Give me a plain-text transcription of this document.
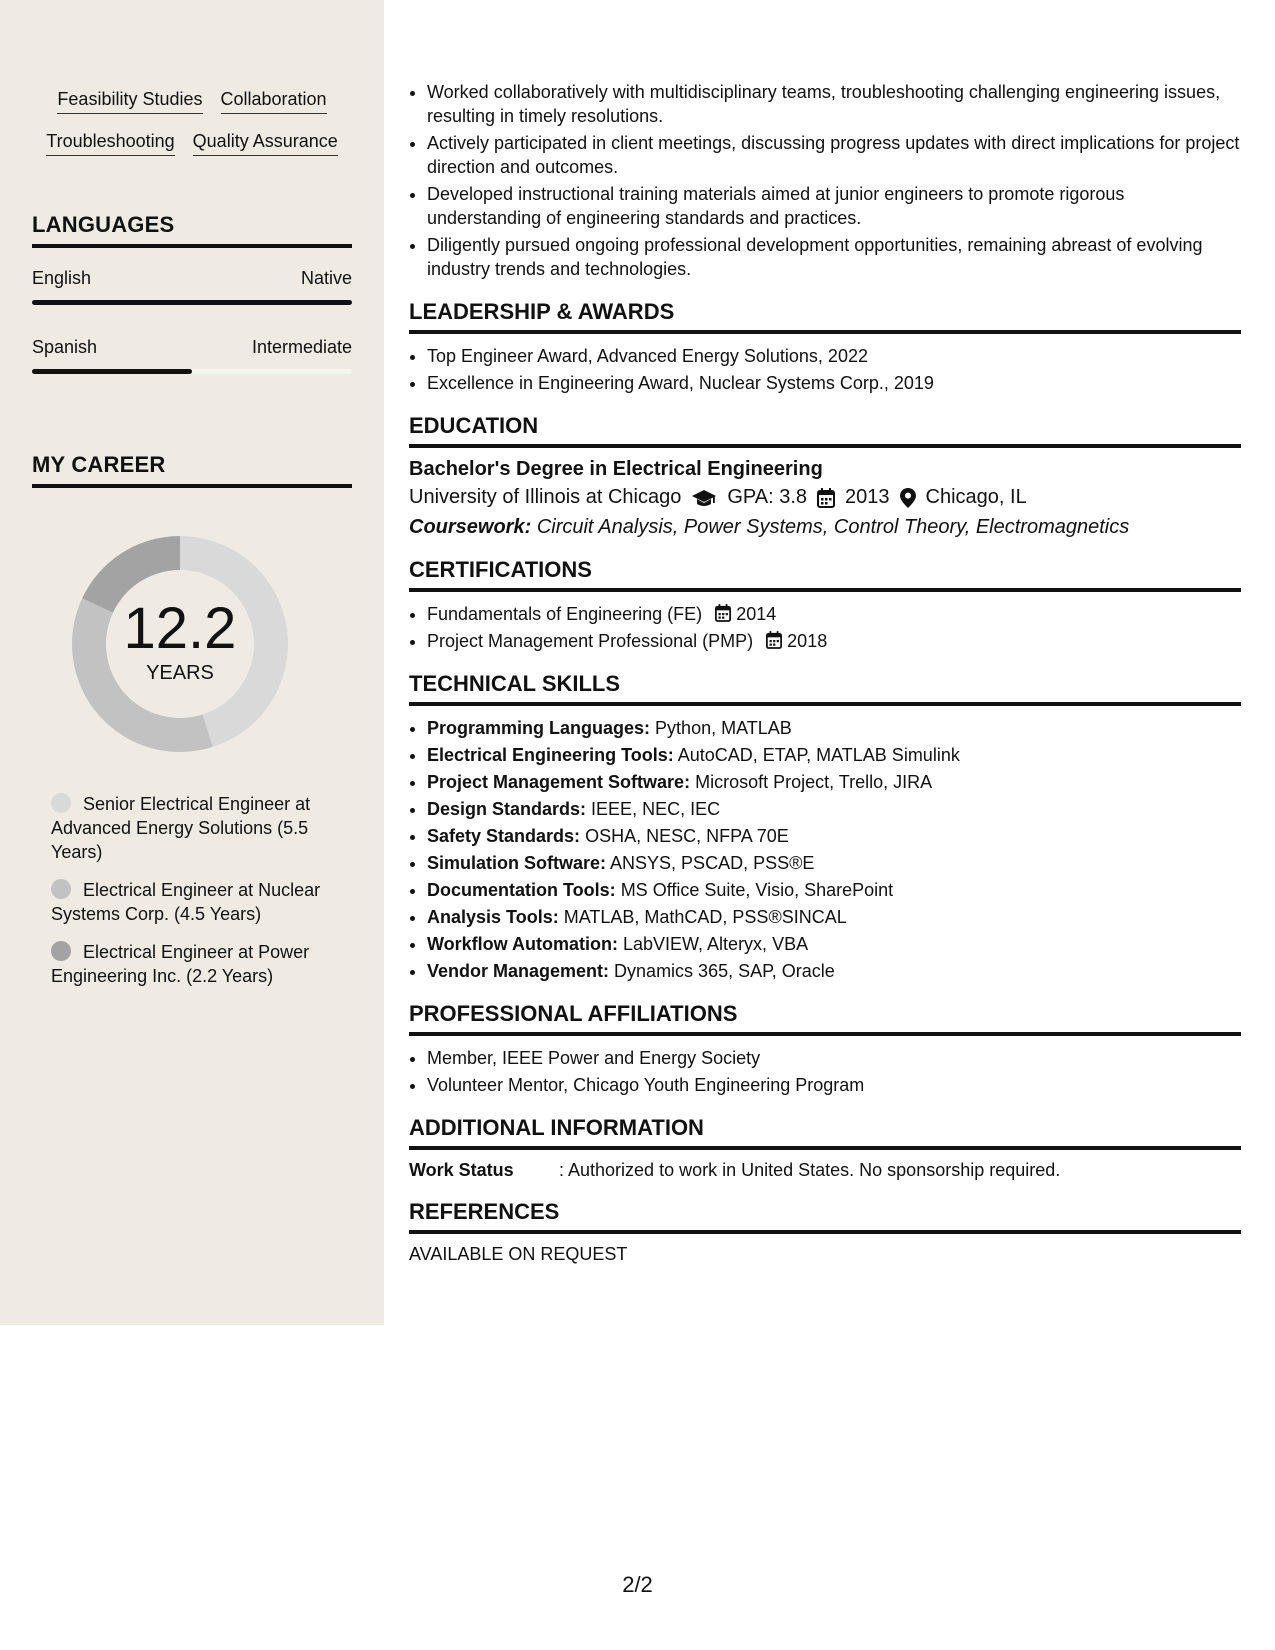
Feasibility Studies Collaboration
Troubleshooting Quality Assurance
LANGUAGES
English	Native
Spanish	Intermediate
MY CAREER
12.2
YEARS
Senior Electrical Engineer at Advanced Energy Solutions (5.5 Years)
Electrical Engineer at Nuclear Systems Corp. (4.5 Years)
Electrical Engineer at Power Engineering Inc. (2.2 Years)
• Worked collaboratively with multidisciplinary teams, troubleshooting challenging engineering issues, resulting in timely resolutions.
• Actively participated in client meetings, discussing progress updates with direct implications for project direction and outcomes.
• Developed instructional training materials aimed at junior engineers to promote rigorous understanding of engineering standards and practices.
• Diligently pursued ongoing professional development opportunities, remaining abreast of evolving industry trends and technologies.
LEADERSHIP & AWARDS
• Top Engineer Award, Advanced Energy Solutions, 2022
• Excellence in Engineering Award, Nuclear Systems Corp., 2019
EDUCATION
Bachelor's Degree in Electrical Engineering
University of Illinois at Chicago GPA: 3.8 2013 Chicago, IL
Coursework: Circuit Analysis, Power Systems, Control Theory, Electromagnetics
CERTIFICATIONS
• Fundamentals of Engineering (FE) 2014
• Project Management Professional (PMP) 2018
TECHNICAL SKILLS
• Programming Languages: Python, MATLAB
• Electrical Engineering Tools: AutoCAD, ETAP, MATLAB Simulink
• Project Management Software: Microsoft Project, Trello, JIRA
• Design Standards: IEEE, NEC, IEC
• Safety Standards: OSHA, NESC, NFPA 70E
• Simulation Software: ANSYS, PSCAD, PSS®E
• Documentation Tools: MS Office Suite, Visio, SharePoint
• Analysis Tools: MATLAB, MathCAD, PSS®SINCAL
• Workflow Automation: LabVIEW, Alteryx, VBA
• Vendor Management: Dynamics 365, SAP, Oracle
PROFESSIONAL AFFILIATIONS
• Member, IEEE Power and Energy Society
• Volunteer Mentor, Chicago Youth Engineering Program
ADDITIONAL INFORMATION
Work Status	: Authorized to work in United States. No sponsorship required.
REFERENCES
AVAILABLE ON REQUEST
2/2
